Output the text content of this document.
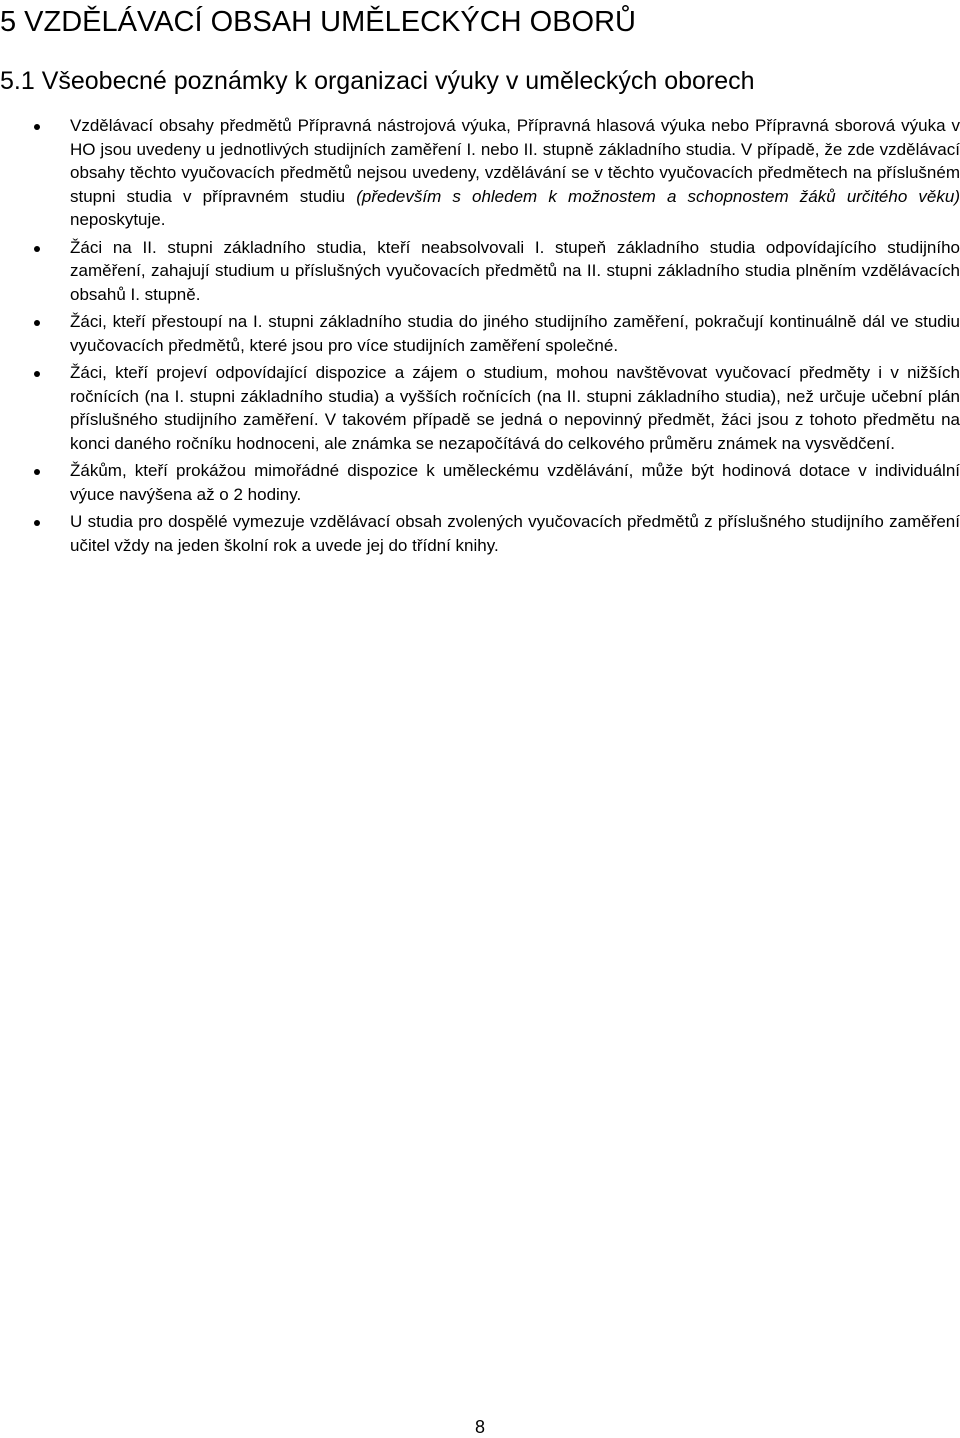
5 VZDĚLÁVACÍ OBSAH UMĚLECKÝCH OBORŮ
5.1 Všeobecné poznámky k organizaci výuky v uměleckých oborech
Vzdělávací obsahy předmětů Přípravná nástrojová výuka, Přípravná hlasová výuka nebo Přípravná sborová výuka v HO jsou uvedeny u jednotlivých studijních zaměření I. nebo II. stupně základního studia. V případě, že zde vzdělávací obsahy těchto vyučovacích předmětů nejsou uvedeny, vzdělávání se v těchto vyučovacích předmětech na příslušném stupni studia v přípravném studiu (především s ohledem k možnostem a schopnostem žáků určitého věku) neposkytuje.
Žáci na II. stupni základního studia, kteří neabsolvovali I. stupeň základního studia odpovídajícího studijního zaměření, zahajují studium u příslušných vyučovacích předmětů na II. stupni základního studia plněním vzdělávacích obsahů I. stupně.
Žáci, kteří přestoupí na I. stupni základního studia do jiného studijního zaměření, pokračují kontinuálně dál ve studiu vyučovacích předmětů, které jsou pro více studijních zaměření společné.
Žáci, kteří projeví odpovídající dispozice a zájem o studium, mohou navštěvovat vyučovací předměty i v nižších ročnících (na I. stupni základního studia) a vyšších ročnících (na II. stupni základního studia), než určuje učební plán příslušného studijního zaměření. V takovém případě se jedná o nepovinný předmět, žáci jsou z tohoto předmětu na konci daného ročníku hodnoceni, ale známka se nezapočítává do celkového průměru známek na vysvědčení.
Žákům, kteří prokážou mimořádné dispozice k uměleckému vzdělávání, může být hodinová dotace v individuální výuce navýšena až o 2 hodiny.
U studia pro dospělé vymezuje vzdělávací obsah zvolených vyučovacích předmětů z příslušného studijního zaměření učitel vždy na jeden školní rok a uvede jej do třídní knihy.
8
